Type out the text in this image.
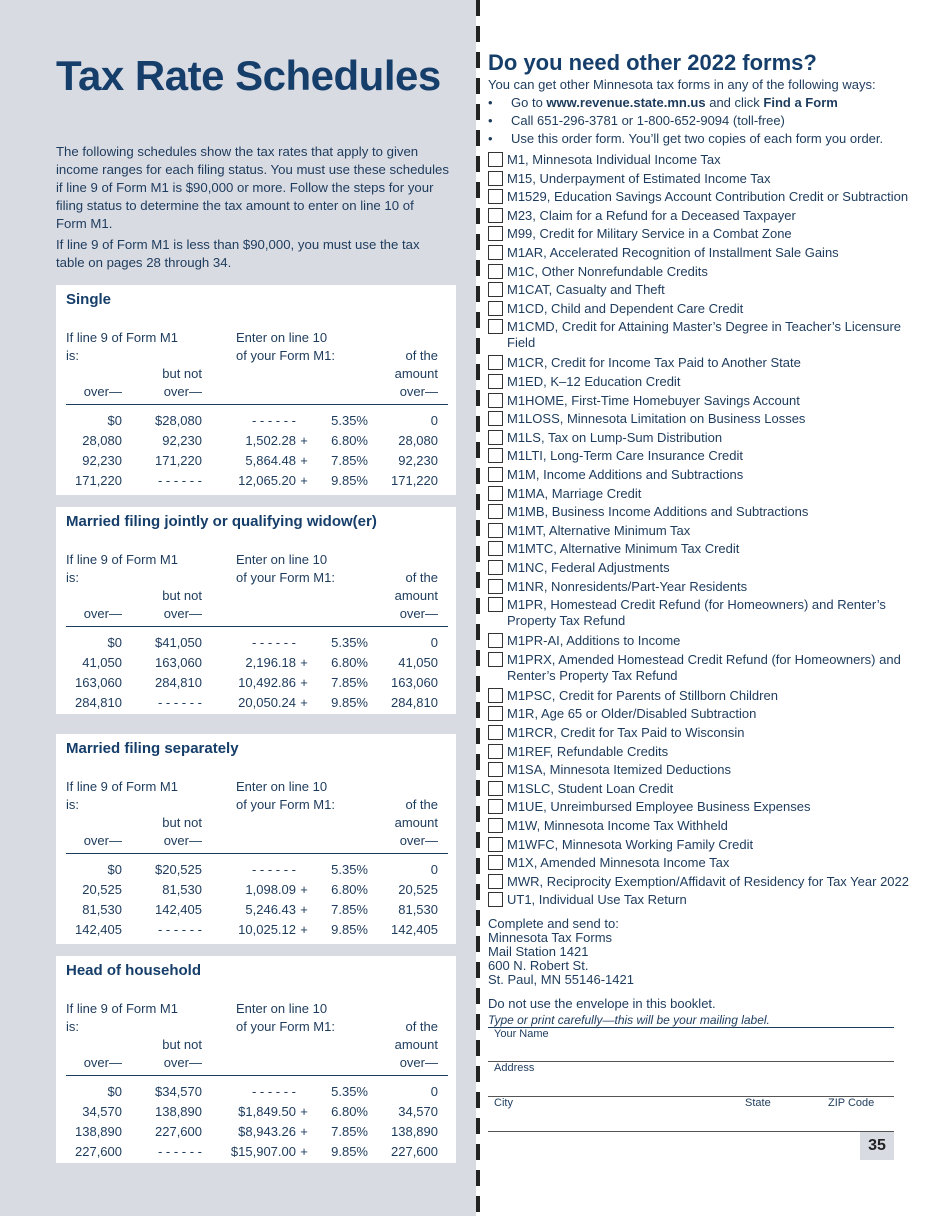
Tax Rate Schedules
The following schedules show the tax rates that apply to given
income ranges for each filing status. You must use these schedules
if line 9 of Form M1 is $90,000 or more. Follow the steps for your
filing status to determine the tax amount to enter on line 10 of
Form M1.
If line 9 of Form M1 is less than $90,000, you must use the tax
table on pages 28 through 34.
Single
If line 9 of Form M1
is:
Enter on line 10
of your Form M1:	of the
but not	amount
over—	over—	over—
$0	$28,080	- - - - - -	5.35%	0
28,080	92,230	1,502.28 +	6.80%	28,080
92,230	171,220	5,864.48 +	7.85%	92,230
171,220	- - - - - -	12,065.20 +	9.85%	171,220
Married filing jointly or qualifying widow(er)
If line 9 of Form M1
is:
Enter on line 10
of your Form M1:	of the
but not	amount
over—	over—	over—
$0	$41,050	- - - - - -	5.35%	0
41,050	163,060	2,196.18 +	6.80%	41,050
163,060	284,810	10,492.86 +	7.85%	163,060
284,810	- - - - - -	20,050.24 +	9.85%	284,810
Married filing separately
If line 9 of Form M1
is:
Enter on line 10
of your Form M1:	of the
but not	amount
over—	over—	over—
$0	$20,525	- - - - - -	5.35%	0
20,525	81,530	1,098.09 +	6.80%	20,525
81,530	142,405	5,246.43 +	7.85%	81,530
142,405	- - - - - -	10,025.12 +	9.85%	142,405
Head of household
If line 9 of Form M1
is:
Enter on line 10
of your Form M1:	of the
but not	amount
over—	over—	over—
$0	$34,570	- - - - - -	5.35%	0
34,570	138,890	$1,849.50 +	6.80%	34,570
138,890	227,600	$8,943.26 +	7.85%	138,890
227,600	- - - - - -	$15,907.00 +	9.85%	227,600
Do you need other 2022 forms?

You can get other Minnesota tax forms in any of the following ways:

• Go to www.revenue.state.mn.us and click Find a Form
• Call 651-296-3781 or 1-800-652-9094 (toll-free)
• Use this order form. You’ll get two copies of each form you order.
M1, Minnesota Individual Income Tax
M15, Underpayment of Estimated Income Tax
M1529, Education Savings Account Contribution Credit or Subtraction
M23, Claim for a Refund for a Deceased Taxpayer
M99, Credit for Military Service in a Combat Zone
M1AR, Accelerated Recognition of Installment Sale Gains
M1C, Other Nonrefundable Credits
M1CAT, Casualty and Theft
M1CD, Child and Dependent Care Credit
M1CMD, Credit for Attaining Master’s Degree in Teacher’s Licensure Field
M1CR, Credit for Income Tax Paid to Another State
M1ED, K–12 Education Credit
M1HOME, First-Time Homebuyer Savings Account
M1LOSS, Minnesota Limitation on Business Losses
M1LS, Tax on Lump-Sum Distribution
M1LTI, Long-Term Care Insurance Credit
M1M, Income Additions and Subtractions
M1MA, Marriage Credit
M1MB, Business Income Additions and Subtractions
M1MT, Alternative Minimum Tax
M1MTC, Alternative Minimum Tax Credit
M1NC, Federal Adjustments
M1NR, Nonresidents/Part-Year Residents
M1PR, Homestead Credit Refund (for Homeowners) and Renter’s Property Tax Refund
M1PR-AI, Additions to Income
M1PRX, Amended Homestead Credit Refund (for Homeowners) and Renter’s Property Tax Refund
M1PSC, Credit for Parents of Stillborn Children
M1R, Age 65 or Older/Disabled Subtraction
M1RCR, Credit for Tax Paid to Wisconsin
M1REF, Refundable Credits
M1SA, Minnesota Itemized Deductions
M1SLC, Student Loan Credit
M1UE, Unreimbursed Employee Business Expenses
M1W, Minnesota Income Tax Withheld
M1WFC, Minnesota Working Family Credit
M1X, Amended Minnesota Income Tax
MWR, Reciprocity Exemption/Affidavit of Residency for Tax Year 2022
UT1, Individual Use Tax Return
Complete and send to:
Minnesota Tax Forms
Mail Station 1421
600 N. Robert St.
St. Paul, MN 55146-1421

Do not use the envelope in this booklet.

Type or print carefully—this will be your mailing label.

Your Name
Address
City	State	ZIP Code
35
